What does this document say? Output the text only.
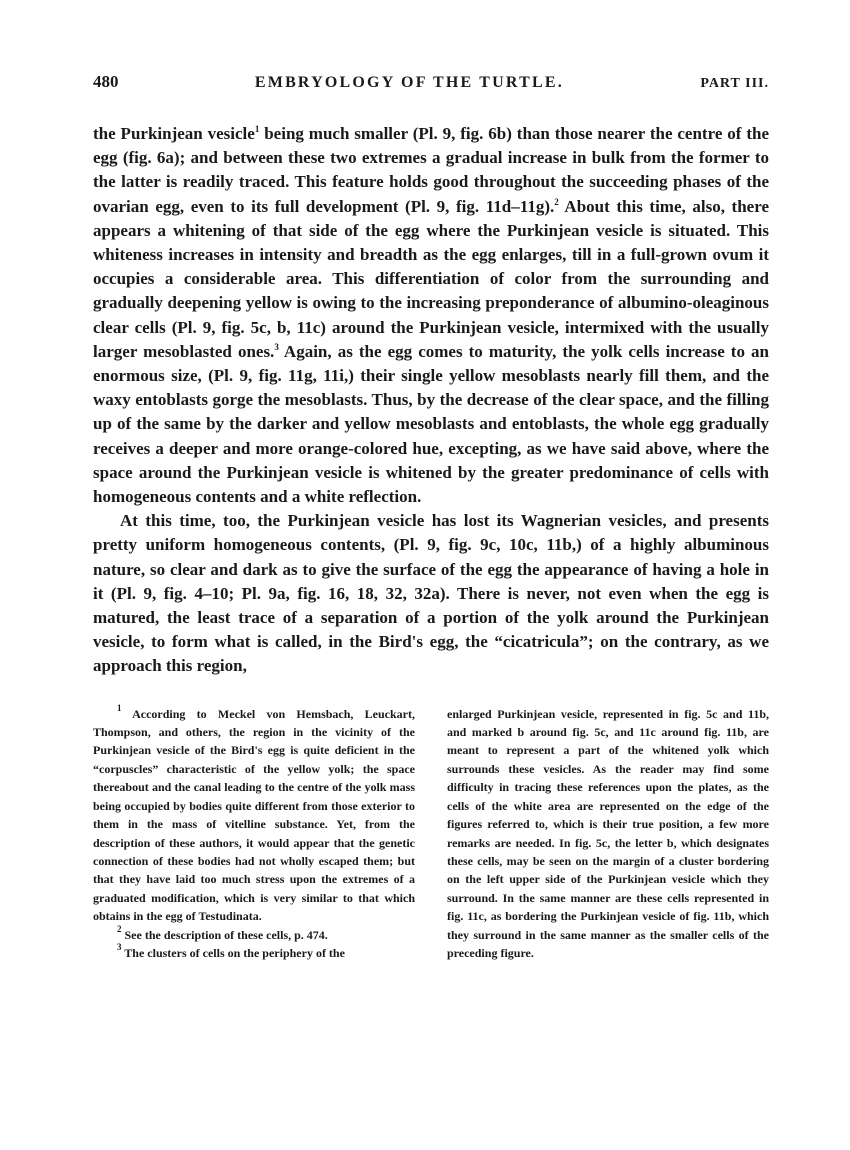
480	EMBRYOLOGY OF THE TURTLE.	PART III.

the Purkinjean vesicle$^1$ being much smaller (Pl. 9, fig. 6b) than those nearer the centre of the egg (fig. 6a); and between these two extremes a gradual increase in bulk from the former to the latter is readily traced. This feature holds good throughout the succeeding phases of the ovarian egg, even to its full development (Pl. 9, fig. 11d–11g).$^2$ About this time, also, there appears a whitening of that side of the egg where the Purkinjean vesicle is situated. This whiteness increases in intensity and breadth as the egg enlarges, till in a full-grown ovum it occupies a considerable area. This differentiation of color from the surrounding and gradually deepening yellow is owing to the increasing preponderance of albumino-oleaginous clear cells (Pl. 9, fig. 5c, b, 11c) around the Purkinjean vesicle, intermixed with the usually larger mesoblasted ones.$^3$ Again, as the egg comes to maturity, the yolk cells increase to an enormous size, (Pl. 9, fig. 11g, 11i,) their single yellow mesoblasts nearly fill them, and the waxy entoblasts gorge the mesoblasts. Thus, by the decrease of the clear space, and the filling up of the same by the darker and yellow mesoblasts and entoblasts, the whole egg gradually receives a deeper and more orange-colored hue, excepting, as we have said above, where the space around the Purkinjean vesicle is whitened by the greater predominance of cells with homogeneous contents and a white reflection.

At this time, too, the Purkinjean vesicle has lost its Wagnerian vesicles, and presents pretty uniform homogeneous contents, (Pl. 9, fig. 9c, 10c, 11b,) of a highly albuminous nature, so clear and dark as to give the surface of the egg the appearance of having a hole in it (Pl. 9, fig. 4–10; Pl. 9a, fig. 16, 18, 32, 32a). There is never, not even when the egg is matured, the least trace of a separation of a portion of the yolk around the Purkinjean vesicle, to form what is called, in the Bird's egg, the “cicatricula”; on the contrary, as we approach this region,

$^1$ According to Meckel von Hemsbach, Leuckart, Thompson, and others, the region in the vicinity of the Purkinjean vesicle of the Bird's egg is quite deficient in the “corpuscles” characteristic of the yellow yolk; the space thereabout and the canal leading to the centre of the yolk mass being occupied by bodies quite different from those exterior to them in the mass of vitelline substance. Yet, from the description of these authors, it would appear that the genetic connection of these bodies had not wholly escaped them; but that they have laid too much stress upon the extremes of a graduated modification, which is very similar to that which obtains in the egg of Testudinata.

$^2$ See the description of these cells, p. 474.

$^3$ The clusters of cells on the periphery of the

enlarged Purkinjean vesicle, represented in fig. 5c and 11b, and marked b around fig. 5c, and 11c around fig. 11b, are meant to represent a part of the whitened yolk which surrounds these vesicles. As the reader may find some difficulty in tracing these references upon the plates, as the cells of the white area are represented on the edge of the figures referred to, which is their true position, a few more remarks are needed. In fig. 5c, the letter b, which designates these cells, may be seen on the margin of a cluster bordering on the left upper side of the Purkinjean vesicle which they surround. In the same manner are these cells represented in fig. 11c, as bordering the Purkinjean vesicle of fig. 11b, which they surround in the same manner as the smaller cells of the preceding figure.
